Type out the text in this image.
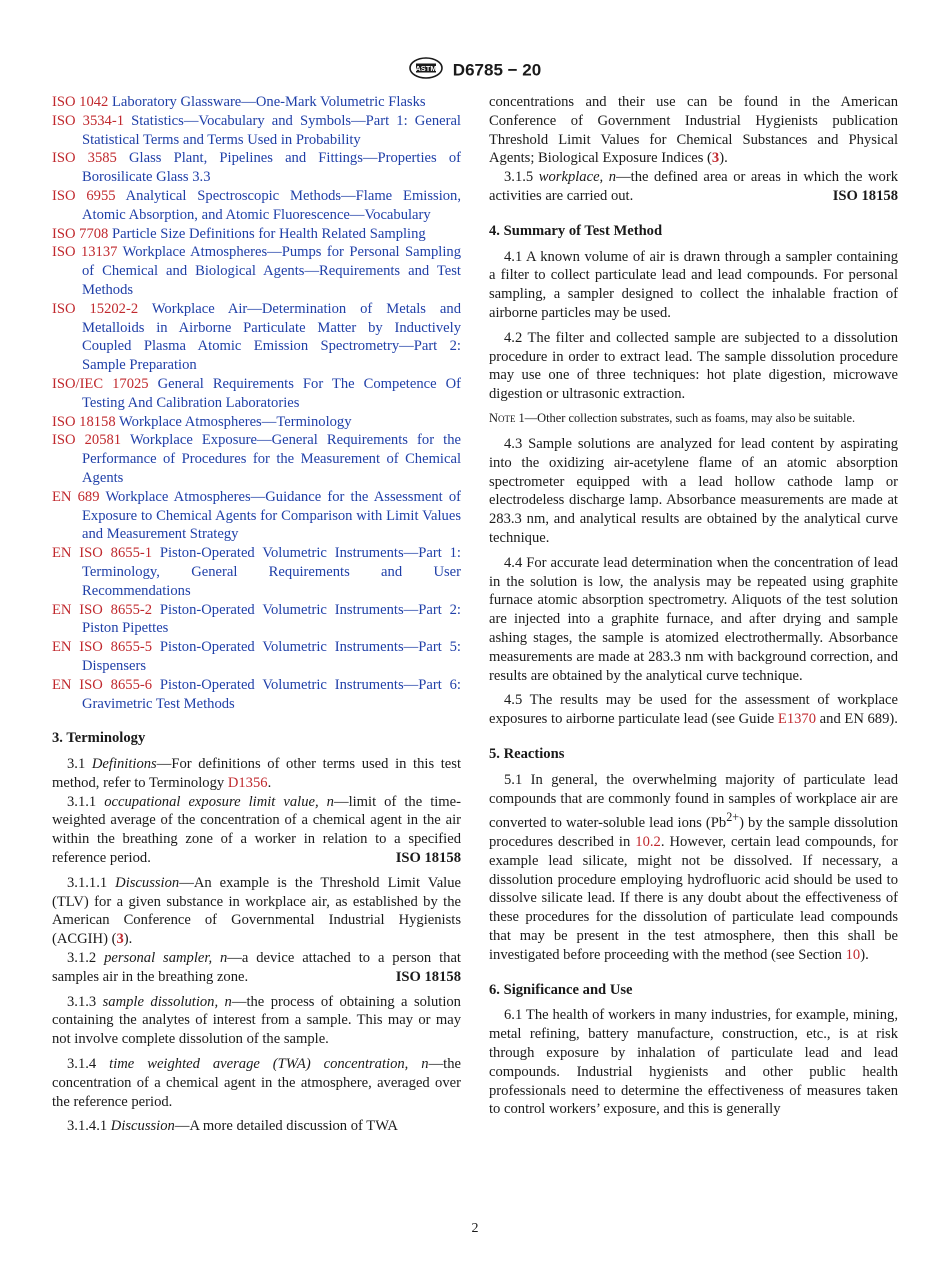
ASTM D6785 − 20

ISO 1042 Laboratory Glassware—One-Mark Volumetric Flasks

ISO 3534-1 Statistics—Vocabulary and Symbols—Part 1: General Statistical Terms and Terms Used in Probability

ISO 3585 Glass Plant, Pipelines and Fittings—Properties of Borosilicate Glass 3.3

ISO 6955 Analytical Spectroscopic Methods—Flame Emission, Atomic Absorption, and Atomic Fluorescence—Vocabulary

ISO 7708 Particle Size Definitions for Health Related Sampling

ISO 13137 Workplace Atmospheres—Pumps for Personal Sampling of Chemical and Biological Agents—Requirements and Test Methods

ISO 15202-2 Workplace Air—Determination of Metals and Metalloids in Airborne Particulate Matter by Inductively Coupled Plasma Atomic Emission Spectrometry—Part 2: Sample Preparation

ISO/IEC 17025 General Requirements For The Competence Of Testing And Calibration Laboratories

ISO 18158 Workplace Atmospheres—Terminology

ISO 20581 Workplace Exposure—General Requirements for the Performance of Procedures for the Measurement of Chemical Agents

EN 689 Workplace Atmospheres—Guidance for the Assessment of Exposure to Chemical Agents for Comparison with Limit Values and Measurement Strategy

EN ISO 8655-1 Piston-Operated Volumetric Instruments—Part 1: Terminology, General Requirements and User Recommendations

EN ISO 8655-2 Piston-Operated Volumetric Instruments—Part 2: Piston Pipettes

EN ISO 8655-5 Piston-Operated Volumetric Instruments—Part 5: Dispensers

EN ISO 8655-6 Piston-Operated Volumetric Instruments—Part 6: Gravimetric Test Methods

3. Terminology

3.1 Definitions—For definitions of other terms used in this test method, refer to Terminology D1356.

3.1.1 occupational exposure limit value, n—limit of the time-weighted average of the concentration of a chemical agent in the air within the breathing zone of a worker in relation to a specified reference period.	ISO 18158

3.1.1.1 Discussion—An example is the Threshold Limit Value (TLV) for a given substance in workplace air, as established by the American Conference of Governmental Industrial Hygienists (ACGIH) (3).

3.1.2 personal sampler, n—a device attached to a person that samples air in the breathing zone.	ISO 18158

3.1.3 sample dissolution, n—the process of obtaining a solution containing the analytes of interest from a sample. This may or may not involve complete dissolution of the sample.

3.1.4 time weighted average (TWA) concentration, n—the concentration of a chemical agent in the atmosphere, averaged over the reference period.

3.1.4.1 Discussion—A more detailed discussion of TWA

concentrations and their use can be found in the American Conference of Government Industrial Hygienists publication Threshold Limit Values for Chemical Substances and Physical Agents; Biological Exposure Indices (3).

3.1.5 workplace, n—the defined area or areas in which the work activities are carried out.	ISO 18158

4. Summary of Test Method

4.1 A known volume of air is drawn through a sampler containing a filter to collect particulate lead and lead compounds. For personal sampling, a sampler designed to collect the inhalable fraction of airborne particles may be used.

4.2 The filter and collected sample are subjected to a dissolution procedure in order to extract lead. The sample dissolution procedure may use one of three techniques: hot plate digestion, microwave digestion or ultrasonic extraction.

Note 1—Other collection substrates, such as foams, may also be suitable.

4.3 Sample solutions are analyzed for lead content by aspirating into the oxidizing air-acetylene flame of an atomic absorption spectrometer equipped with a lead hollow cathode lamp or electrodeless discharge lamp. Absorbance measurements are made at 283.3 nm, and analytical results are obtained by the analytical curve technique.

4.4 For accurate lead determination when the concentration of lead in the solution is low, the analysis may be repeated using graphite furnace atomic absorption spectrometry. Aliquots of the test solution are injected into a graphite furnace, and after drying and sample ashing stages, the sample is atomized electrothermally. Absorbance measurements are made at 283.3 nm with background correction, and results are obtained by the analytical curve technique.

4.5 The results may be used for the assessment of workplace exposures to airborne particulate lead (see Guide E1370 and EN 689).

5. Reactions

5.1 In general, the overwhelming majority of particulate lead compounds that are commonly found in samples of workplace air are converted to water-soluble lead ions $(Pb^{2+})$ by the sample dissolution procedures described in 10.2. However, certain lead compounds, for example lead silicate, might not be dissolved. If necessary, a dissolution procedure employing hydrofluoric acid should be used to dissolve silicate lead. If there is any doubt about the effectiveness of these procedures for the dissolution of particulate lead compounds that may be present in the test atmosphere, then this shall be investigated before proceeding with the method (see Section 10).

6. Significance and Use

6.1 The health of workers in many industries, for example, mining, metal refining, battery manufacture, construction, etc., is at risk through exposure by inhalation of particulate lead and lead compounds. Industrial hygienists and other public health professionals need to determine the effectiveness of measures taken to control workers’ exposure, and this is generally

2
